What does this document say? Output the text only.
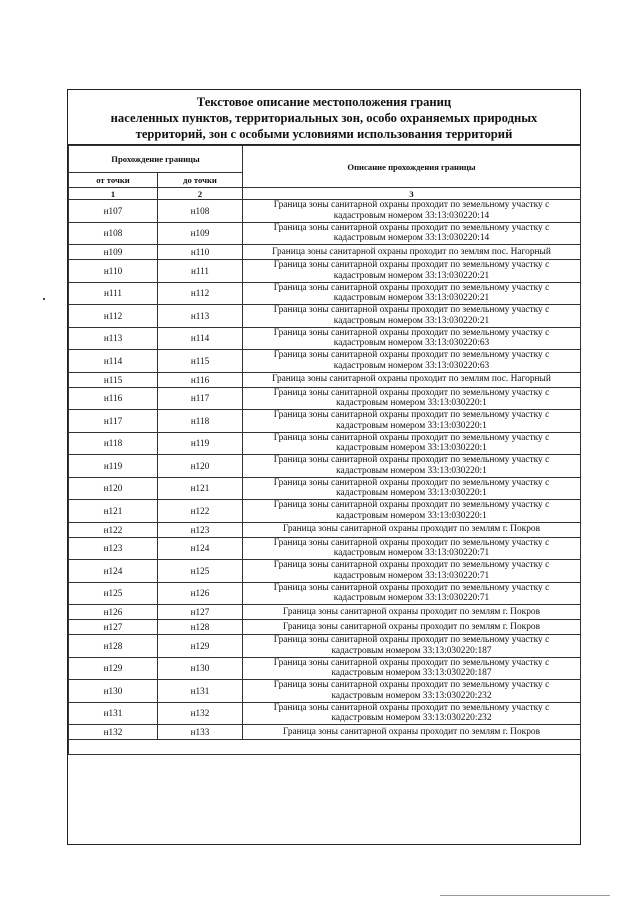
Текстовое описание местоположения границ
населенных пунктов, территориальных зон, особо охраняемых природных
территорий, зон с особыми условиями использования территорий
Прохождение границы		Описание прохождения границы
от точки	до точки	
1	2	3
н107	н108	Граница зоны санитарной охраны проходит по земельному участку с
кадастровым номером 33:13:030220:14

н108	н109	Граница зоны санитарной охраны проходит по земельному участку с
кадастровым номером 33:13:030220:14

н109	н110	Граница зоны санитарной охраны проходит по землям пос. Нагорный

н110	н111	Граница зоны санитарной охраны проходит по земельному участку с
кадастровым номером 33:13:030220:21

н111	н112	Граница зоны санитарной охраны проходит по земельному участку с
кадастровым номером 33:13:030220:21

н112	н113	Граница зоны санитарной охраны проходит по земельному участку с
кадастровым номером 33:13:030220:21

н113	н114	Граница зоны санитарной охраны проходит по земельному участку с
кадастровым номером 33:13:030220:63

н114	н115	Граница зоны санитарной охраны проходит по земельному участку с
кадастровым номером 33:13:030220:63

н115	н116	Граница зоны санитарной охраны проходит по землям пос. Нагорный

н116	н117	Граница зоны санитарной охраны проходит по земельному участку с
кадастровым номером 33:13:030220:1

н117	н118	Граница зоны санитарной охраны проходит по земельному участку с
кадастровым номером 33:13:030220:1

н118	н119	Граница зоны санитарной охраны проходит по земельному участку с
кадастровым номером 33:13:030220:1

н119	н120	Граница зоны санитарной охраны проходит по земельному участку с
кадастровым номером 33:13:030220:1

н120	н121	Граница зоны санитарной охраны проходит по земельному участку с
кадастровым номером 33:13:030220:1

н121	н122	Граница зоны санитарной охраны проходит по земельному участку с
кадастровым номером 33:13:030220:1

н122	н123	Граница зоны санитарной охраны проходит по землям г. Покров

н123	н124	Граница зоны санитарной охраны проходит по земельному участку с
кадастровым номером 33:13:030220:71

н124	н125	Граница зоны санитарной охраны проходит по земельному участку с
кадастровым номером 33:13:030220:71

н125	н126	Граница зоны санитарной охраны проходит по земельному участку с
кадастровым номером 33:13:030220:71

н126	н127	Граница зоны санитарной охраны проходит по землям г. Покров

н127	н128	Граница зоны санитарной охраны проходит по землям г. Покров

н128	н129	Граница зоны санитарной охраны проходит по земельному участку с
кадастровым номером 33:13:030220:187

н129	н130	Граница зоны санитарной охраны проходит по земельному участку с
кадастровым номером 33:13:030220:187

н130	н131	Граница зоны санитарной охраны проходит по земельному участку с
кадастровым номером 33:13:030220:232

н131	н132	Граница зоны санитарной охраны проходит по земельному участку с
кадастровым номером 33:13:030220:232

н132	н133	Граница зоны санитарной охраны проходит по землям г. Покров
